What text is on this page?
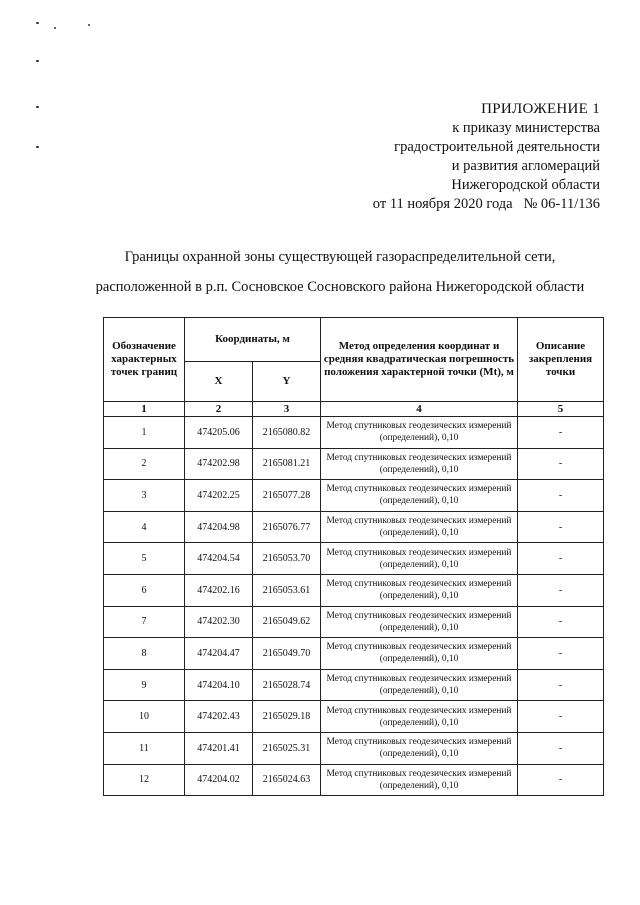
ПРИЛОЖЕНИЕ 1
к приказу министерства
градостроительной деятельности
и развития агломераций
Нижегородской области
от 11 ноября 2020 года   № 06-11/136
Границы охранной зоны существующей газораспределительной сети,
расположенной в р.п. Сосновское Сосновского района Нижегородской области
Обозначение характерных точек границ	Координаты, м		Метод определения координат и средняя квадратическая погрешность положения характерной точки (Mt), м	Описание закрепления точки
	X	Y		
1	2	3	4	5
1	474205.06	2165080.82	Метод спутниковых геодезических измерений (определений), 0,10	-
2	474202.98	2165081.21	Метод спутниковых геодезических измерений (определений), 0,10	-
3	474202.25	2165077.28	Метод спутниковых геодезических измерений (определений), 0,10	-
4	474204.98	2165076.77	Метод спутниковых геодезических измерений (определений), 0,10	-
5	474204.54	2165053.70	Метод спутниковых геодезических измерений (определений), 0,10	-
6	474202.16	2165053.61	Метод спутниковых геодезических измерений (определений), 0,10	-
7	474202.30	2165049.62	Метод спутниковых геодезических измерений (определений), 0,10	-
8	474204.47	2165049.70	Метод спутниковых геодезических измерений (определений), 0,10	-
9	474204.10	2165028.74	Метод спутниковых геодезических измерений (определений), 0,10	-
10	474202.43	2165029.18	Метод спутниковых геодезических измерений (определений), 0,10	-
11	474201.41	2165025.31	Метод спутниковых геодезических измерений (определений), 0,10	-
12	474204.02	2165024.63	Метод спутниковых геодезических измерений (определений), 0,10	-
